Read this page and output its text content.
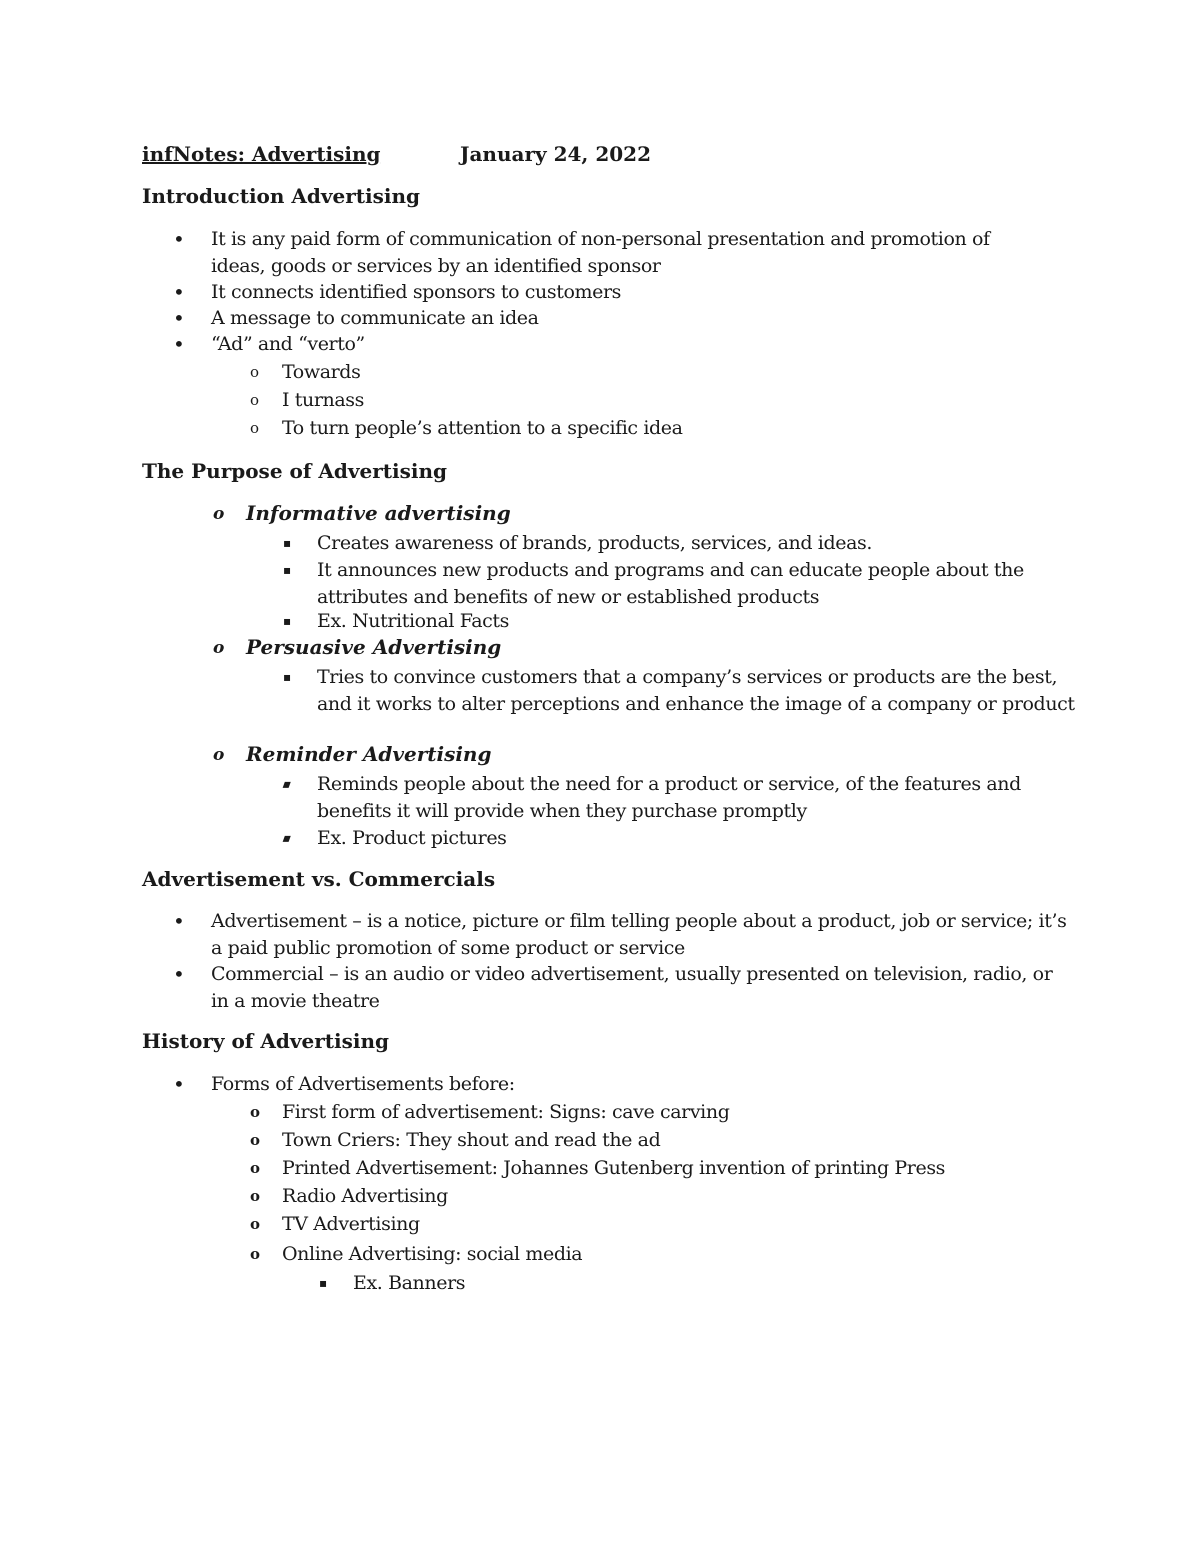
infNotes: Advertising	January 24, 2022
Introduction Advertising
• It is any paid form of communication of non-personal presentation and promotion of ideas, goods or services by an identified sponsor
• It connects identified sponsors to customers
• A message to communicate an idea
• “Ad” and “verto”
o Towards
o I turnass
o To turn people’s attention to a specific idea
The Purpose of Advertising
o Informative advertising
▪ Creates awareness of brands, products, services, and ideas.
▪ It announces new products and programs and can educate people about the attributes and benefits of new or established products
▪ Ex. Nutritional Facts
o Persuasive Advertising
▪ Tries to convince customers that a company’s services or products are the best, and it works to alter perceptions and enhance the image of a company or product
o Reminder Advertising
▪ Reminds people about the need for a product or service, of the features and benefits it will provide when they purchase promptly
▪ Ex. Product pictures
Advertisement vs. Commercials
• Advertisement – is a notice, picture or film telling people about a product, job or service; it’s a paid public promotion of some product or service
• Commercial – is an audio or video advertisement, usually presented on television, radio, or in a movie theatre
History of Advertising
• Forms of Advertisements before:
o First form of advertisement: Signs: cave carving
o Town Criers: They shout and read the ad
o Printed Advertisement: Johannes Gutenberg invention of printing Press
o Radio Advertising
o TV Advertising
o Online Advertising: social media
▪ Ex. Banners
